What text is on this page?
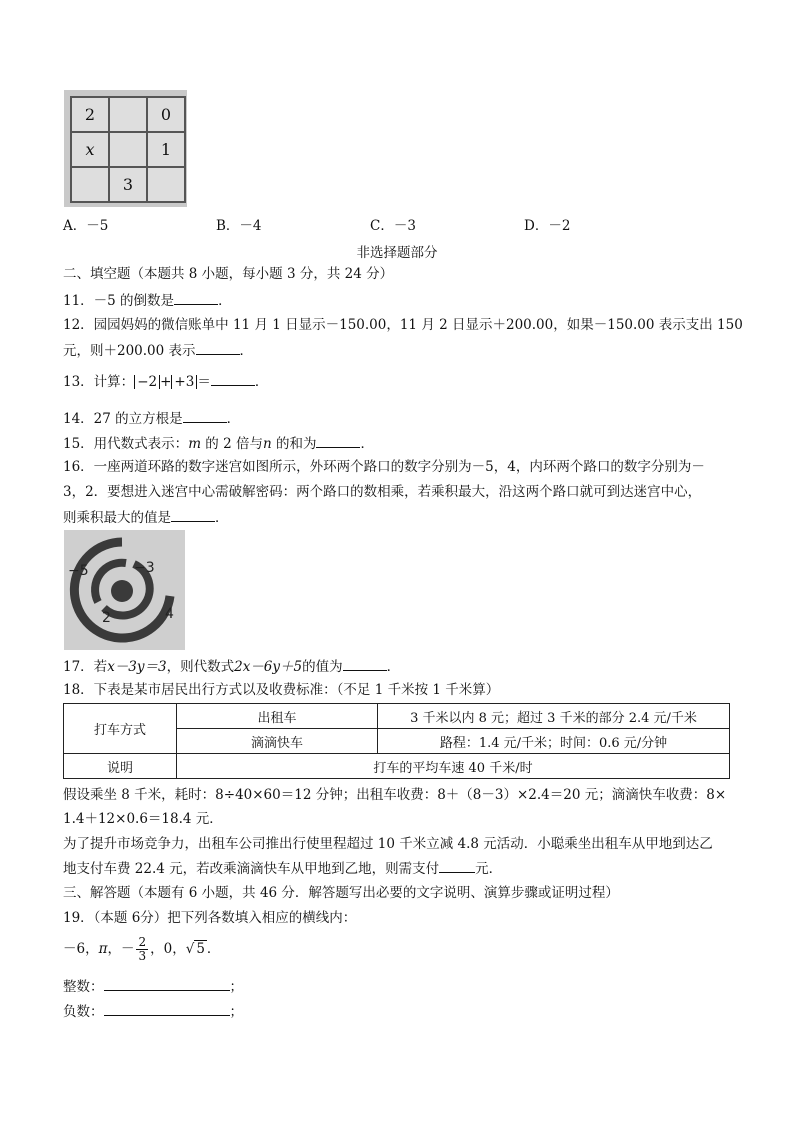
2		0
x		1
	3	
A．－5	B．－4	C．－3	D．－2
非选择题部分
二、填空题（本题共 8 小题，每小题 3 分，共 24 分）
11．－5 的倒数是	．
12．园园妈妈的微信账单中 11 月 1 日显示－150.00，11 月 2 日显示＋200.00，如果－150.00 表示支出 150
元，则＋200.00 表示	．
13．计算： −2 + +3 ＝	．
14．27 的立方根是	．
15．用代数式表示：m 的 2 倍与n 的和为	．
16．一座两道环路的数字迷宫如图所示，外环两个路口的数字分别为－5，4，内环两个路口的数字分别为－
3，2．要想进入迷宫中心需破解密码：两个路口的数相乘，若乘积最大，沿这两个路口就可到达迷宫中心，
则乘积最大的值是	．
−5
4
−3
2
17．若x－3y＝3，则代数式2x－6y＋5的值为	．
18．下表是某市居民出行方式以及收费标准：（不足 1 千米按 1 千米算）
打车方式	出租车	3 千米以内 8 元；超过 3 千米的部分 2.4 元/千米
	滴滴快车	路程：1.4 元/千米；时间：0.6 元/分钟
说明	打车的平均车速 40 千米/时	
假设乘坐 8 千米，耗时：8÷40×60＝12 分钟；出租车收费：8＋（8－3）×2.4＝20 元；滴滴快车收费：8×
1.4＋12×0.6＝18.4 元．
为了提升市场竞争力，出租车公司推出行使里程超过 10 千米立减 4.8 元活动．小聪乘坐出租车从甲地到达乙
地支付车费 22.4 元，若改乘滴滴快车从甲地到乙地，则需支付	元．
三、解答题（本题有 6 小题，共 46 分．解答题写出必要的文字说明、演算步骤或证明过程）
19．（本题 6分）把下列各数填入相应的横线内：
－6，π，－ $\frac{2}{3}$ ，0，√ 5 ．
整数：	；
负数：	；
